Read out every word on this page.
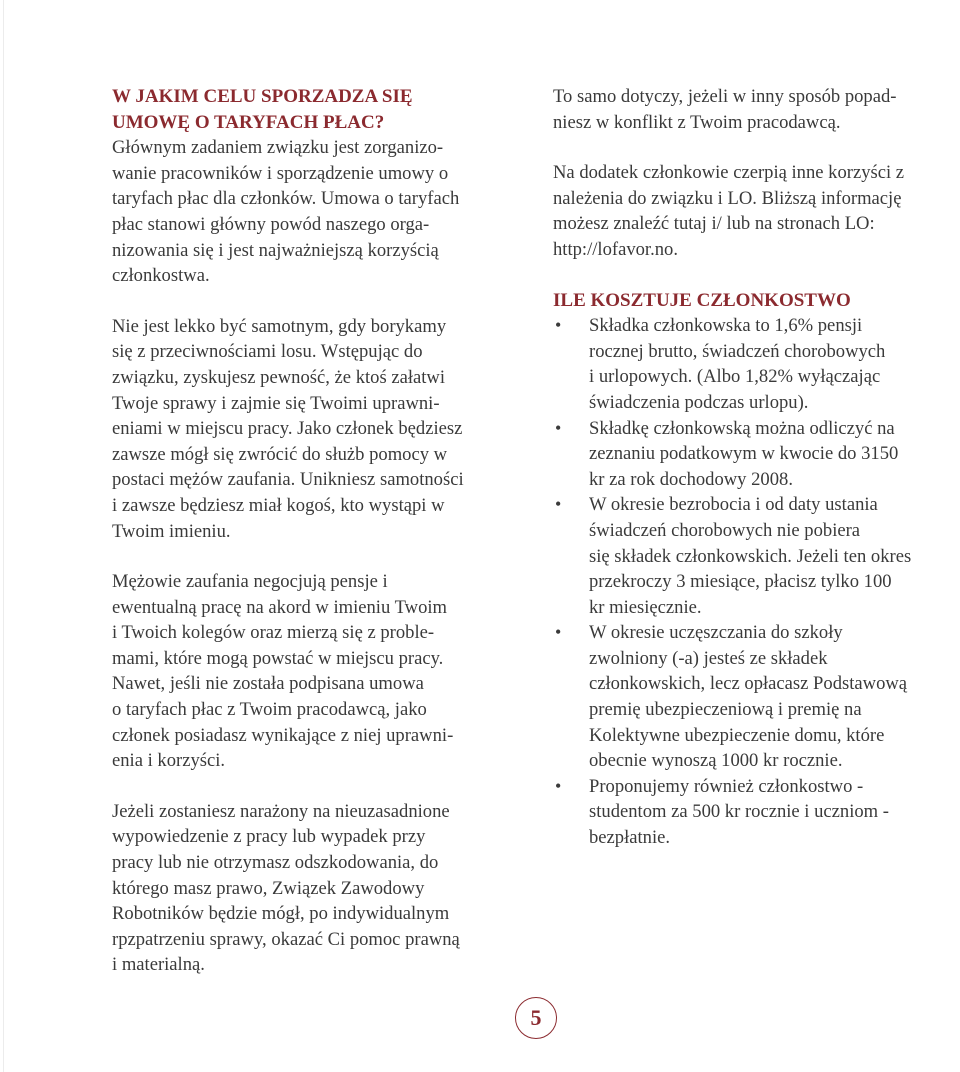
W JAKIM CELU SPORZADZA SIĘ
UMOWĘ O TARYFACH PŁAC?

Głównym zadaniem związku jest zorganizo-
wanie pracowników i sporządzenie umowy o
taryfach płac dla członków. Umowa o taryfach
płac stanowi główny powód naszego orga-
nizowania się i jest najważniejszą korzyścią
członkostwa.

Nie jest lekko być samotnym, gdy borykamy
się z przeciwnościami losu. Wstępując do
związku, zyskujesz pewność, że ktoś załatwi
Twoje sprawy i zajmie się Twoimi uprawni-
eniami w miejscu pracy. Jako członek będziesz
zawsze mógł się zwrócić do służb pomocy w
postaci mężów zaufania. Unikniesz samotności
i zawsze będziesz miał kogoś, kto wystąpi w
Twoim imieniu.

Mężowie zaufania negocjują pensje i
ewentualną pracę na akord w imieniu Twoim
i Twoich kolegów oraz mierzą się z proble-
mami, które mogą powstać w miejscu pracy.
Nawet, jeśli nie została podpisana umowa
o taryfach płac z Twoim pracodawcą, jako
członek posiadasz wynikające z niej uprawni-
enia i korzyści.

Jeżeli zostaniesz narażony na nieuzasadnione
wypowiedzenie z pracy lub wypadek przy
pracy lub nie otrzymasz odszkodowania, do
którego masz prawo, Związek Zawodowy
Robotników będzie mógł, po indywidualnym
rpzpatrzeniu sprawy, okazać Ci pomoc prawną
i materialną.

To samo dotyczy, jeżeli w inny sposób popad-
niesz w konflikt z Twoim pracodawcą.

Na dodatek członkowie czerpią inne korzyści z
należenia do związku i LO. Bliższą informację
możesz znaleźć tutaj i/ lub na stronach LO:
http://lofavor.no.

ILE KOSZTUJE CZŁONKOSTWO
• Składka członkowska to 1,6% pensji
rocznej brutto, świadczeń chorobowych
i urlopowych. (Albo 1,82% wyłączając
świadczenia podczas urlopu).
• Składkę członkowską można odliczyć na
zeznaniu podatkowym w kwocie do 3150
kr za rok dochodowy 2008.
• W okresie bezrobocia i od daty ustania
świadczeń chorobowych nie pobiera
się składek członkowskich. Jeżeli ten okres
przekroczy 3 miesiące, płacisz tylko 100
kr miesięcznie.
• W okresie uczęszczania do szkoły
zwolniony (-a) jesteś ze składek
członkowskich, lecz opłacasz Podstawową
premię ubezpieczeniową i premię na
Kolektywne ubezpieczenie domu, które
obecnie wynoszą 1000 kr rocznie.
• Proponujemy również członkostwo -
studentom za 500 kr rocznie i uczniom -
bezpłatnie.
5
